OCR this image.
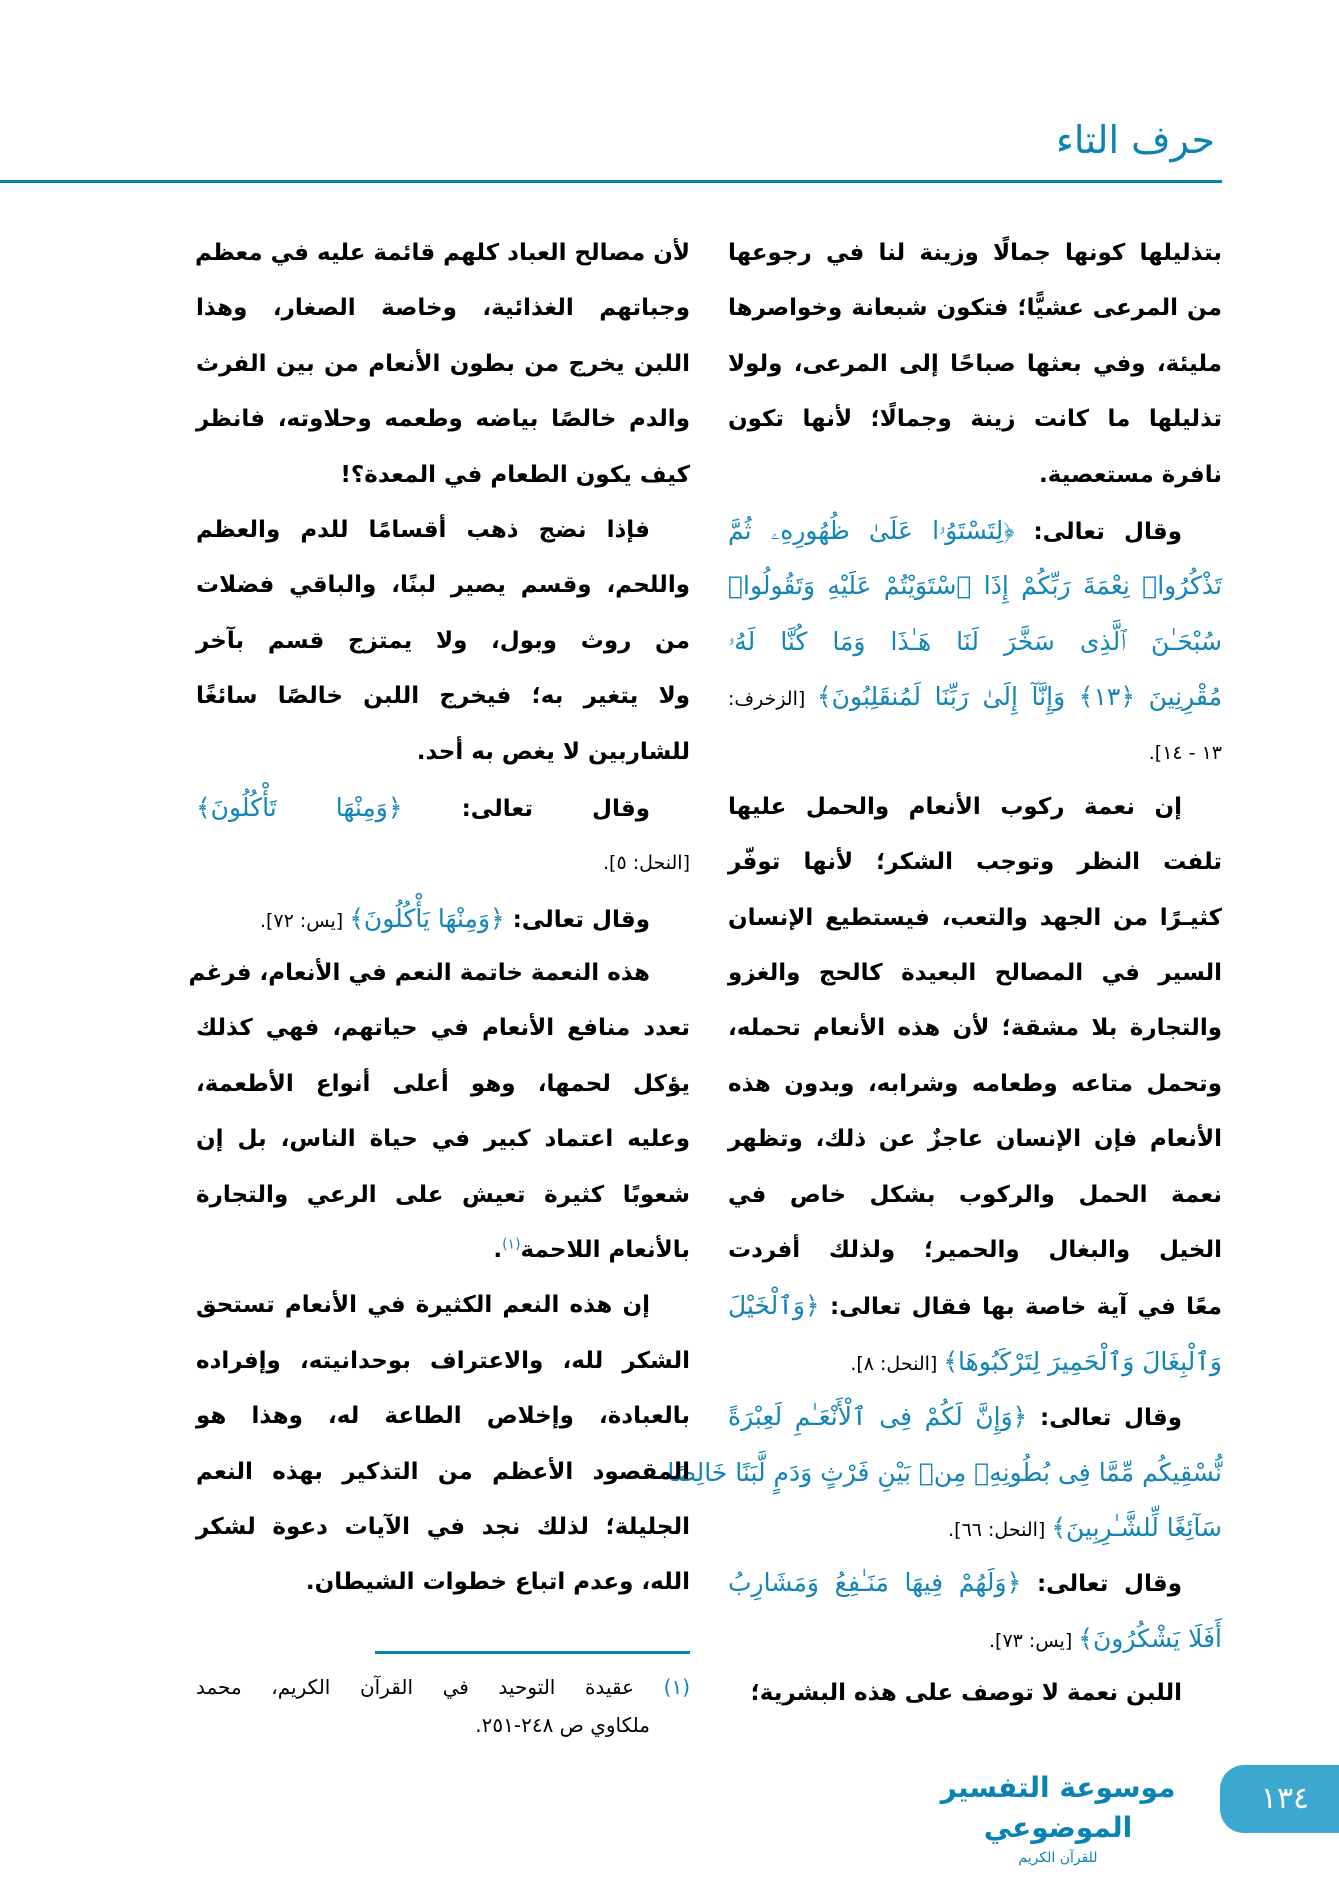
حرف التاء
بتذليلها كونها جمالًا وزينة لنا في رجوعها
من المرعى عشيًّا؛ فتكون شبعانة وخواصرها
مليئة، وفي بعثها صباحًا إلى المرعى، ولولا
تذليلها ما كانت زينة وجمالًا؛ لأنها تكون
نافرة مستعصية.
وقال تعالى: ﴿لِتَسْتَوُۥا عَلَىٰ ظُهُورِهِۦ ثُمَّ
تَذْكُرُوا۟ نِعْمَةَ رَبِّكُمْ إِذَا ٱسْتَوَيْتُمْ عَلَيْهِ وَتَقُولُوا۟
سُبْحَـٰنَ ٱلَّذِى سَخَّرَ لَنَا هَـٰذَا وَمَا كُنَّا لَهُۥ
مُقْرِنِينَ ﴿١٣﴾ وَإِنَّآ إِلَىٰ رَبِّنَا لَمُنقَلِبُونَ﴾ [الزخرف:
١٣ - ١٤].
إن نعمة ركوب الأنعام والحمل عليها
تلفت النظر وتوجب الشكر؛ لأنها توفّر
كثيـرًا من الجهد والتعب، فيستطيع الإنسان
السير في المصالح البعيدة كالحج والغزو
والتجارة بلا مشقة؛ لأن هذه الأنعام تحمله،
وتحمل متاعه وطعامه وشرابه، وبدون هذه
الأنعام فإن الإنسان عاجزٌ عن ذلك، وتظهر
نعمة الحمل والركوب بشكل خاص في
الخيل والبغال والحمير؛ ولذلك أفردت
معًا في آية خاصة بها فقال تعالى: ﴿وَٱلْخَيْلَ
وَٱلْبِغَالَ وَٱلْحَمِيرَ لِتَرْكَبُوهَا﴾ [النحل: ٨].
وقال تعالى: ﴿وَإِنَّ لَكُمْ فِى ٱلْأَنْعَـٰمِ لَعِبْرَةً
نُّسْقِيكُم مِّمَّا فِى بُطُونِهِۦ مِنۢ بَيْنِ فَرْثٍ وَدَمٍ لَّبَنًا خَالِصًا
سَآئِغًا لِّلشَّـٰرِبِينَ﴾ [النحل: ٦٦].
وقال تعالى: ﴿وَلَهُمْ فِيهَا مَنَـٰفِعُ وَمَشَارِبُ
أَفَلَا يَشْكُرُونَ﴾ [يس: ٧٣].
اللبن نعمة لا توصف على هذه البشرية؛
لأن مصالح العباد كلهم قائمة عليه في معظم
وجباتهم الغذائية، وخاصة الصغار، وهذا
اللبن يخرج من بطون الأنعام من بين الفرث
والدم خالصًا بياضه وطعمه وحلاوته، فانظر
كيف يكون الطعام في المعدة؟!
فإذا نضج ذهب أقسامًا للدم والعظم
واللحم، وقسم يصير لبنًا، والباقي فضلات
من روث وبول، ولا يمتزج قسم بآخر
ولا يتغير به؛ فيخرج اللبن خالصًا سائغًا
للشاربين لا يغص به أحد.
وقال تعالى: ﴿وَمِنْهَا تَأْكُلُونَ﴾
[النحل: ٥].
وقال تعالى: ﴿وَمِنْهَا يَأْكُلُونَ﴾ [يس: ٧٢].
هذه النعمة خاتمة النعم في الأنعام، فرغم
تعدد منافع الأنعام في حياتهم، فهي كذلك
يؤكل لحمها، وهو أعلى أنواع الأطعمة،
وعليه اعتماد كبير في حياة الناس، بل إن
شعوبًا كثيرة تعيش على الرعي والتجارة
بالأنعام اللاحمة$^{(١)}$.
إن هذه النعم الكثيرة في الأنعام تستحق
الشكر لله، والاعتراف بوحدانيته، وإفراده
بالعبادة، وإخلاص الطاعة له، وهذا هو
المقصود الأعظم من التذكير بهذه النعم
الجليلة؛ لذلك نجد في الآيات دعوة لشكر
الله، وعدم اتباع خطوات الشيطان.
(١) عقيدة التوحيد في القرآن الكريم، محمد
ملكاوي ص ٢٤٨-٢٥١.
موسوعة التفسير الموضوعي
للقرآن الكريم
١٣٤
